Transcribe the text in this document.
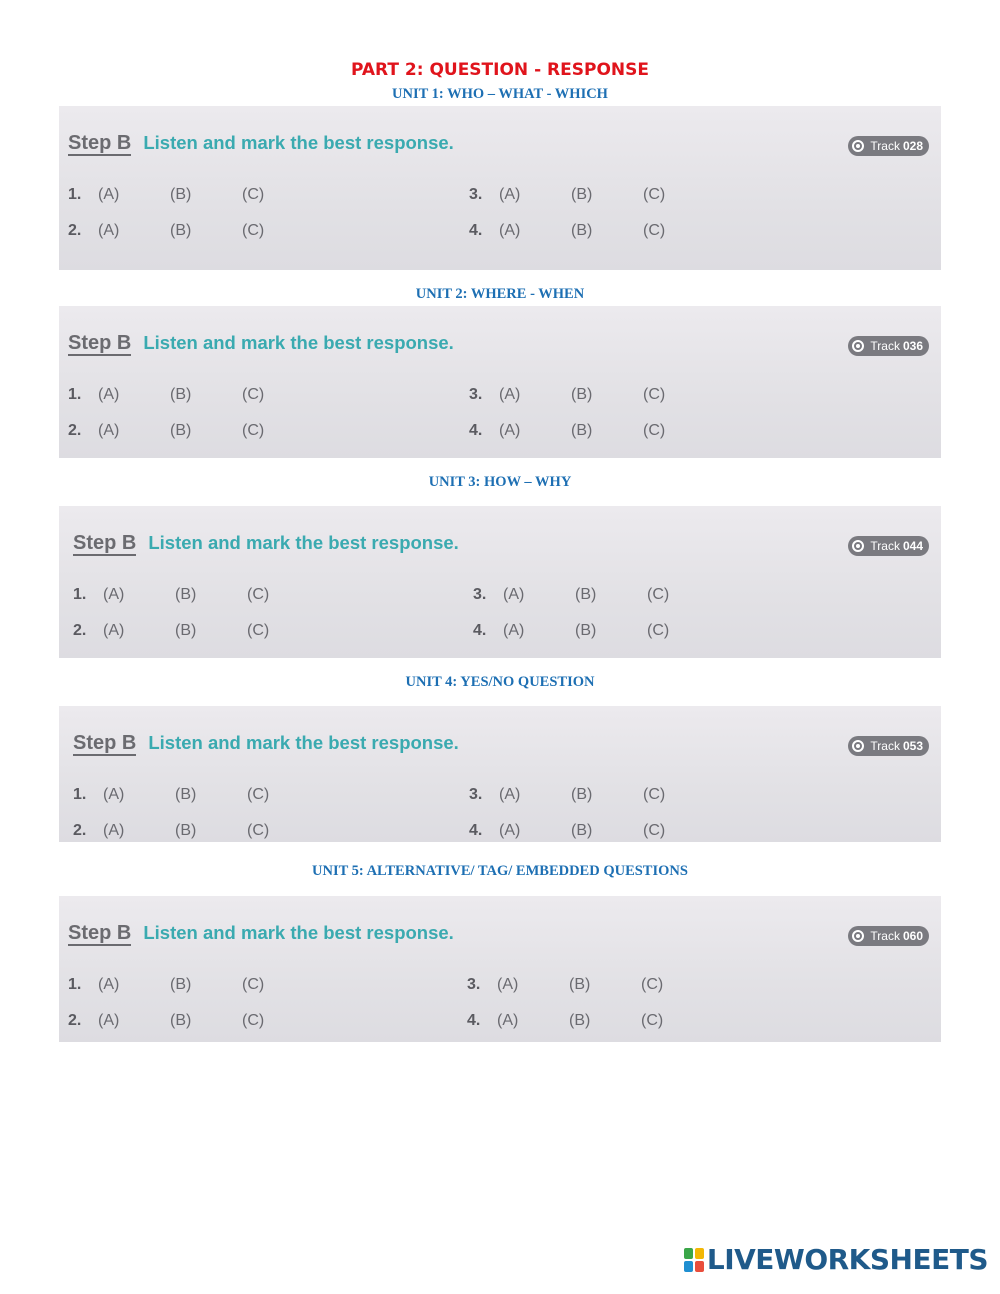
PART 2: QUESTION - RESPONSE
UNIT 1: WHO – WHAT - WHICH
Step B Listen and mark the best response.	Track 028
1.	(A)	(B)	(C)
2.	(A)	(B)	(C)
3.	(A)	(B)	(C)
4.	(A)	(B)	(C)
UNIT 2: WHERE - WHEN
Step B Listen and mark the best response.	Track 036
1.	(A)	(B)	(C)
2.	(A)	(B)	(C)
3.	(A)	(B)	(C)
4.	(A)	(B)	(C)
UNIT 3: HOW – WHY
Step B Listen and mark the best response.	Track 044
1.	(A)	(B)	(C)
2.	(A)	(B)	(C)
3.	(A)	(B)	(C)
4.	(A)	(B)	(C)
UNIT 4: YES/NO QUESTION
Step B Listen and mark the best response.	Track 053
1.	(A)	(B)	(C)
2.	(A)	(B)	(C)
3.	(A)	(B)	(C)
4.	(A)	(B)	(C)
UNIT 5: ALTERNATIVE/ TAG/ EMBEDDED QUESTIONS
Step B Listen and mark the best response.	Track 060
1.	(A)	(B)	(C)
2.	(A)	(B)	(C)
3.	(A)	(B)	(C)
4.	(A)	(B)	(C)
LIVEWORKSHEETS
